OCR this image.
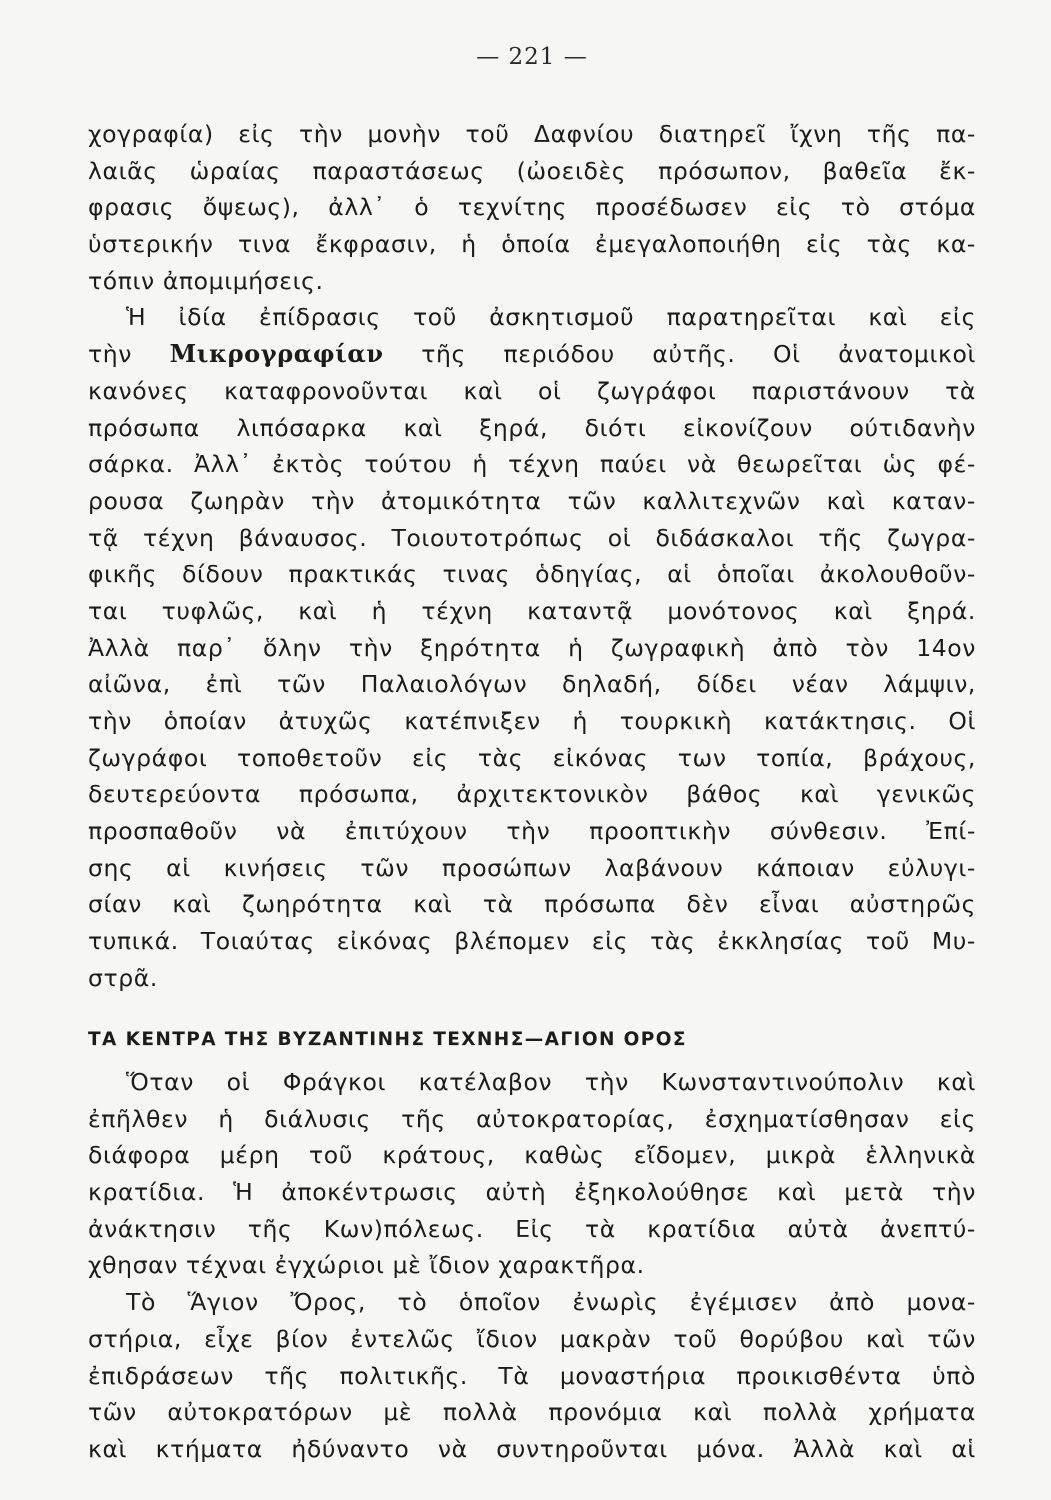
— 221 —
χογραφία) εἰς τὴν μονὴν τοῦ Δαφνίου διατηρεῖ ἴχνη τῆς πα-
λαιᾶς ὡραίας παραστάσεως (ὠοειδὲς πρόσωπον, βαθεῖα ἔκ-
φρασις ὄψεως), ἀλλ᾽ ὁ τεχνίτης προσέδωσεν εἰς τὸ στόμα
ὑστερικήν τινα ἔκφρασιν, ἡ ὁποία ἐμεγαλοποιήθη εἰς τὰς κα-
τόπιν ἀπομιμήσεις.
Ἡ ἰδία ἐπίδρασις τοῦ ἀσκητισμοῦ παρατηρεῖται καὶ εἰς
τὴν Μικρογραφίαν τῆς περιόδου αὐτῆς. Οἱ ἀνατομικοὶ
κανόνες καταφρονοῦνται καὶ οἱ ζωγράφοι παριστάνουν τὰ
πρόσωπα λιπόσαρκα καὶ ξηρά, διότι εἰκονίζουν ούτιδανὴν
σάρκα. Ἀλλ᾽ ἐκτὸς τούτου ἡ τέχνη παύει νὰ θεωρεῖται ὡς φέ-
ρουσα ζωηρὰν τὴν ἀτομικότητα τῶν καλλιτεχνῶν καὶ καταν-
τᾷ τέχνη βάναυσος. Τοιουτοτρόπως οἱ διδάσκαλοι τῆς ζωγρα-
φικῆς δίδουν πρακτικάς τινας ὁδηγίας, αἱ ὁποῖαι ἀκολουθοῦν-
ται τυφλῶς, καὶ ἡ τέχνη καταντᾷ μονότονος καὶ ξηρά.
Ἀλλὰ παρ᾽ ὅλην τὴν ξηρότητα ἡ ζωγραφικὴ ἀπὸ τὸν 14ον
αἰῶνα, ἐπὶ τῶν Παλαιολόγων δηλαδή, δίδει νέαν λάμψιν,
τὴν ὁποίαν ἀτυχῶς κατέπνιξεν ἡ τουρκικὴ κατάκτησις. Οἱ
ζωγράφοι τοποθετοῦν εἰς τὰς εἰκόνας των τοπία, βράχους,
δευτερεύοντα πρόσωπα, ἀρχιτεκτονικὸν βάθος καὶ γενικῶς
προσπαθοῦν νὰ ἐπιτύχουν τὴν προοπτικὴν σύνθεσιν. Ἐπί-
σης αἱ κινήσεις τῶν προσώπων λαβάνουν κάποιαν εὐλυγι-
σίαν καὶ ζωηρότητα καὶ τὰ πρόσωπα δὲν εἶναι αὐστηρῶς
τυπικά. Τοιαύτας εἰκόνας βλέπομεν εἰς τὰς ἐκκλησίας τοῦ Μυ-
στρᾶ.
ΤΑ ΚΕΝΤΡΑ ΤΗΣ ΒΥΖΑΝΤΙΝΗΣ ΤΕΧΝΗΣ—ΑΓΙΟΝ ΟΡΟΣ
Ὅταν οἱ Φράγκοι κατέλαβον τὴν Κωνσταντινούπολιν καὶ
ἐπῆλθεν ἡ διάλυσις τῆς αὐτοκρατορίας, ἐσχηματίσθησαν εἰς
διάφορα μέρη τοῦ κράτους, καθὼς εἴδομεν, μικρὰ ἑλληνικὰ
κρατίδια. Ἡ ἀποκέντρωσις αὐτὴ ἐξηκολούθησε καὶ μετὰ τὴν
ἀνάκτησιν τῆς Κων)πόλεως. Εἰς τὰ κρατίδια αὐτὰ ἀνεπτύ-
χθησαν τέχναι ἐγχώριοι μὲ ἴδιον χαρακτῆρα.
Τὸ Ἅγιον Ὄρος, τὸ ὁποῖον ἐνωρὶς ἐγέμισεν ἀπὸ μονα-
στήρια, εἶχε βίον ἐντελῶς ἴδιον μακρὰν τοῦ θορύβου καὶ τῶν
ἐπιδράσεων τῆς πολιτικῆς. Τὰ μοναστήρια προικισθέντα ὑπὸ
τῶν αὐτοκρατόρων μὲ πολλὰ προνόμια καὶ πολλὰ χρήματα
καὶ κτήματα ἠδύναντο νὰ συντηροῦνται μόνα. Ἀλλὰ καὶ αἱ
